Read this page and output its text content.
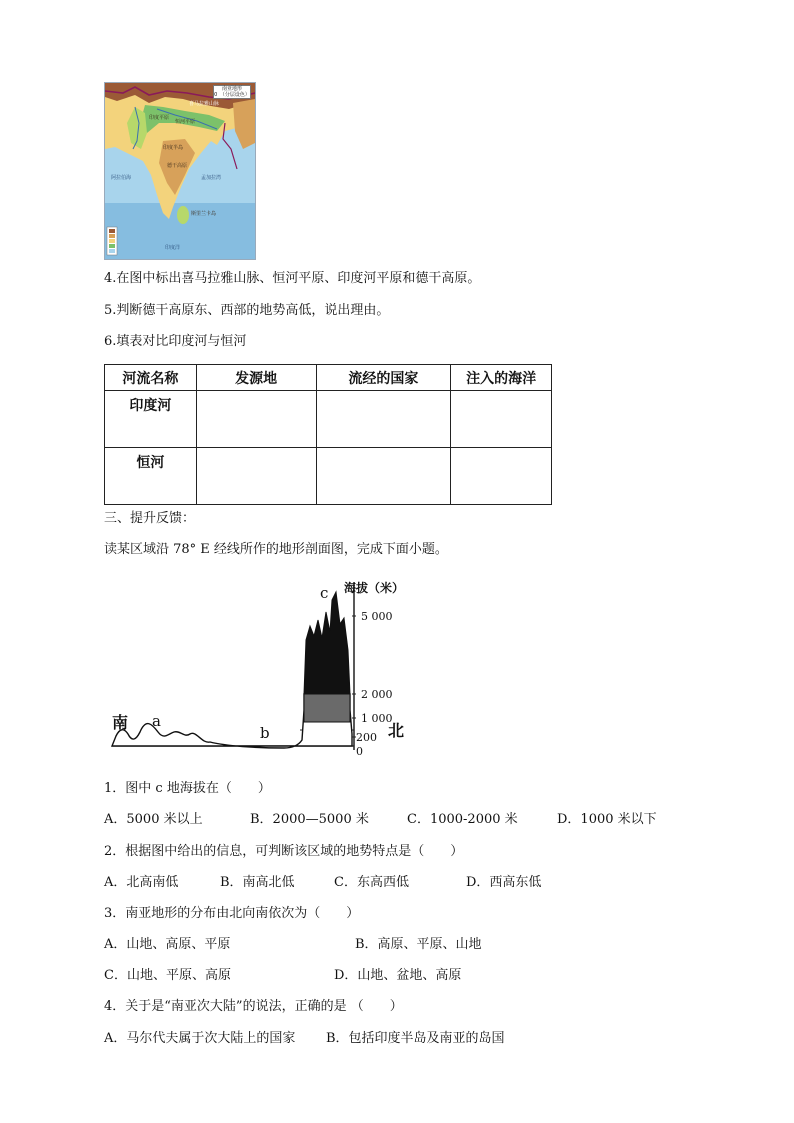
印度平原
恒河平原
印度半岛
德干高原
阿拉伯海	孟加拉湾
斯里兰卡岛
印度洋
喜马拉雅山脉
南亚地形
0　（分层设色）
4.在图中标出喜马拉雅山脉、恒河平原、印度河平原和德干高原。
5.判断德干高原东、西部的地势高低，说出理由。
6.填表对比印度河与恒河
河流名称	发源地	流经的国家	注入的海洋
印度河			
恒河			
三、提升反馈：
读某区域沿 78° E 经线所作的地形剖面图，完成下面小题。
海拔（米）
5 000
2 000
1 000
200
0
南	北
a
b
c
1．图中 c 地海拔在（　　）
A．5000 米以上	B．2000—5000 米	C．1000-2000 米	D．1000 米以下
2．根据图中给出的信息，可判断该区域的地势特点是（　　）
A．北高南低	B．南高北低	C．东高西低	D．西高东低
3．南亚地形的分布由北向南依次为（　　）
A．山地、高原、平原	B．高原、平原、山地
C．山地、平原、高原	D．山地、盆地、高原
4．关于是“南亚次大陆”的说法，正确的是 （　　）
A．马尔代夫属于次大陆上的国家 B．包括印度半岛及南亚的岛国
